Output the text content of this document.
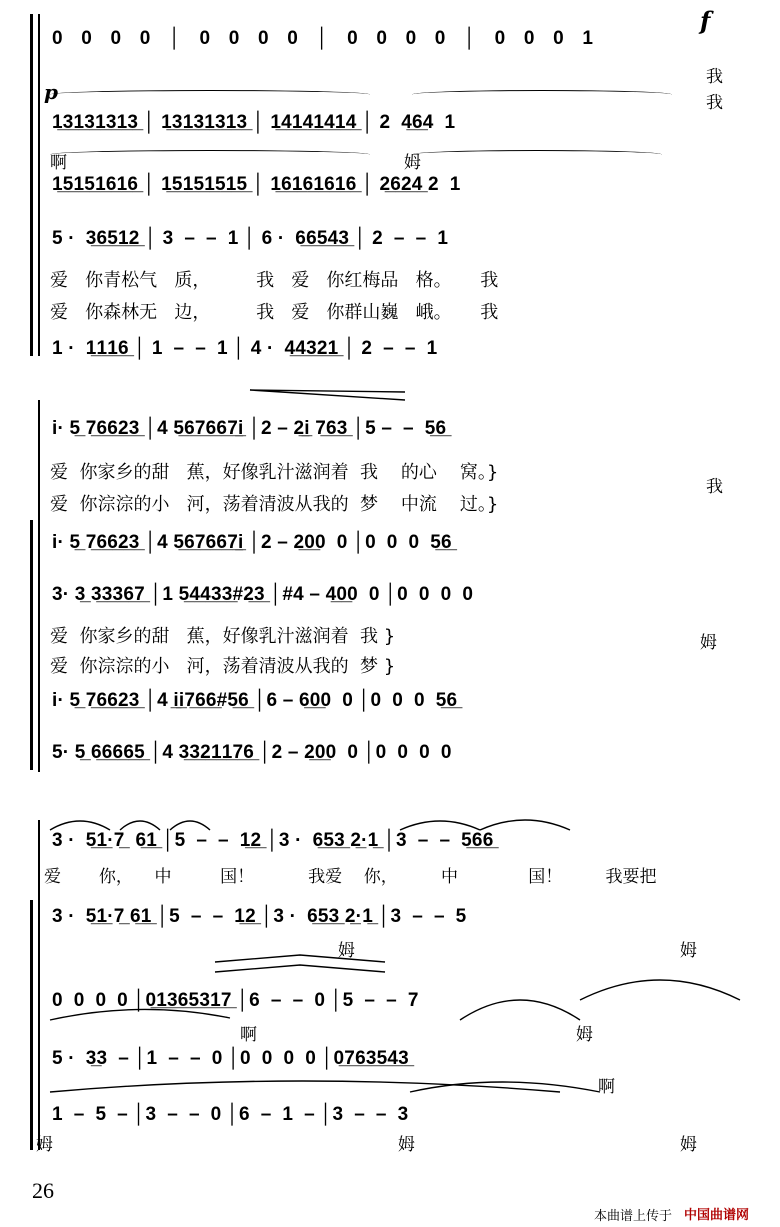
f
p
0 0 0 0 │ 0 0 0 0 │ 0 0 0 0 │ 0 0 0 1
我
我
1̲3̲1̲3̲1̲3̲1̲3̲ │ 1̲3̲1̲3̲1̲3̲1̲3̲ │ 1̲4̲1̲4̲1̲4̲1̲4̲ │ 2  4̲6̲4  1
啊	姆
1̲5̲1̲5̲1̲6̲1̲6̲ │ 1̲5̲1̲5̲1̲5̲1̲5̲ │ 1̲6̲1̲6̲1̲6̲1̲6̲ │ 2̲6̲2̲4̲ 2  1
5 ·  3̲6̲5̲1̲2̲ │ 3  –  –  1 │ 6 ·  6̲6̲5̲4̲3̲ │ 2  –  –  1
爱   你青松气   质，        我   爱   你红梅品   格。     我
爱   你森林无   边，        我   爱   你群山巍   峨。     我
1 ·  1̲1̲1̲6̲ │ 1  –  –  1 │ 4 ·  4̲4̲3̲2̲1̲ │ 2  –  –  1
i· 5̲ 7̲6̲6̲2̲3̲ │4 5̲6̲7̲6̲6̲7̲i̲ │2 – 2̲i̲ 7̲6̲3̲ │5 –  –  5̲6̲
爱  你家乡的甜   蕉，好像乳汁滋润着  我    的心    窝。}
爱  你淙淙的小   河，荡着清波从我的  梦    中流    过。}
我
i· 5̲ 7̲6̲6̲2̲3̲ │4 5̲6̲7̲6̲6̲7̲i̲ │2 – 2̲0̲0  0 │0  0  0  5̲6̲
3· 3̲ 3̲3̲3̲6̲7̲ │1 5̲4̲4̲3̲3̲#2̲3̲ │#4 – 4̲0̲0  0 │0  0  0  0
爱  你家乡的甜   蕉，好像乳汁滋润着  我 }
爱  你淙淙的小   河，荡着清波从我的  梦 }
姆
i· 5̲ 7̲6̲6̲2̲3̲ │4 i̲i̲7̲6̲6̲#5̲6̲ │6 – 6̲0̲0  0 │0  0  0  5̲6̲
5· 5̲ 6̲6̲6̲6̲5̲ │4 3̲3̲2̲1̲1̲7̲6̲ │2 – 2̲0̲0  0 │0  0  0  0
3 ·  5̲1̲·7̲  6̲1̲ │5  –  –  1̲2̲ │3 ·  6̲5̲3̲ 2̲·1̲ │3  –  –  5̲6̲6̲
爱       你，    中         国！          我爱    你，        中             国！        我要把
3 ·  5̲1̲·7̲ 6̲1̲ │5  –  –  1̲2̲ │3 ·  6̲5̲3̲ 2̲·1̲ │3  –  –  5
姆	姆
0  0  0  0 │0̲1̲3̲6̲5̲3̲1̲7̲ │6  –  –  0 │5  –  –  7
啊	姆
5 ·  3̲3  – │1  –  –  0 │0  0  0  0 │0̲7̲6̲3̲5̲4̲3̲
啊
1  –  5  – │3  –  –  0 │6  –  1  – │3  –  –  3
姆	姆	姆
26
本曲谱上传于 中国曲谱网
